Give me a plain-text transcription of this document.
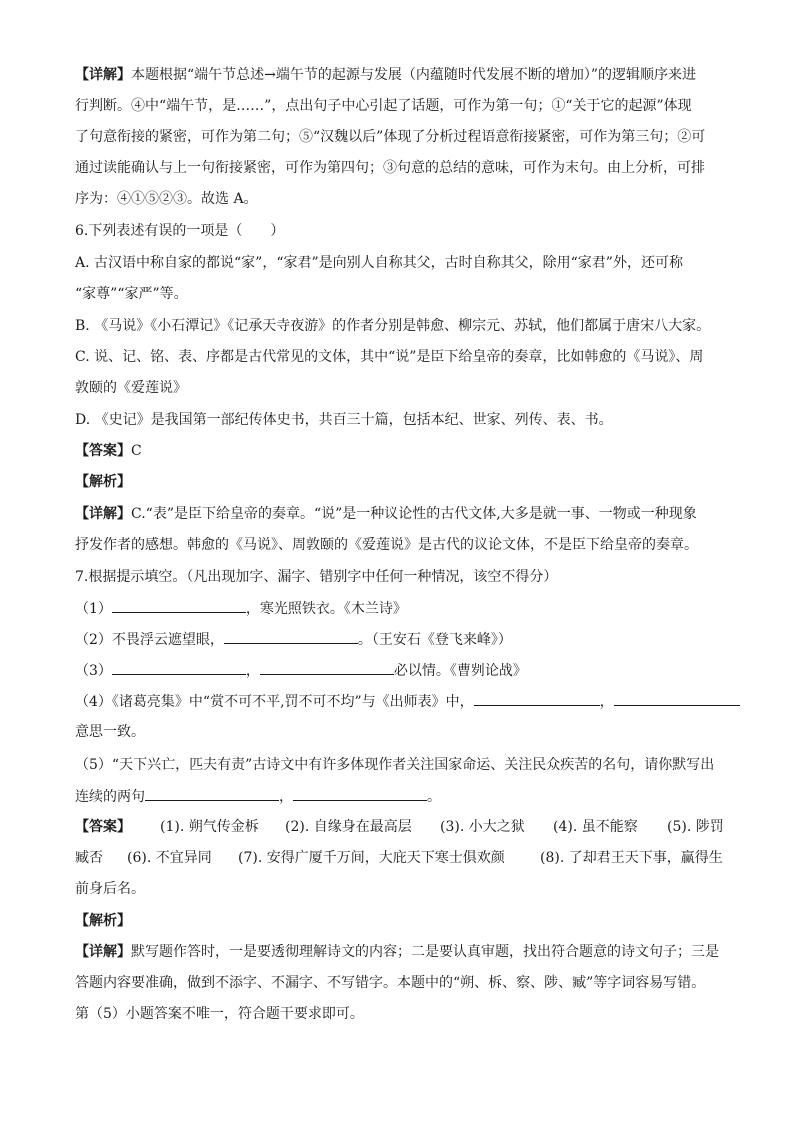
【详解】本题根据“端午节总述→端午节的起源与发展（内蕴随时代发展不断的增加）”的逻辑顺序来进
行判断。④中“端午节，是……”，点出句子中心引起了话题，可作为第一句；①“关于它的起源”体现
了句意衔接的紧密，可作为第二句；⑤“汉魏以后”体现了分析过程语意衔接紧密，可作为第三句；②可
通过读能确认与上一句衔接紧密，可作为第四句；③句意的总结的意味，可作为末句。由上分析，可排
序为：④①⑤②③。故选 A。
6.下列表述有误的一项是（　　）
A. 古汉语中称自家的都说“家”，“家君”是向别人自称其父，古时自称其父，除用“家君”外，还可称
“家尊”“家严”等。
B. 《马说》《小石潭记》《记承天寺夜游》的作者分别是韩愈、柳宗元、苏轼，他们都属于唐宋八大家。
C. 说、记、铭、表、序都是古代常见的文体，其中“说”是臣下给皇帝的奏章，比如韩愈的《马说》、周
敦颐的《爱莲说》
D. 《史记》是我国第一部纪传体史书，共百三十篇，包括本纪、世家、列传、表、书。
【答案】C
【解析】
【详解】C.“表”是臣下给皇帝的奏章。“说”是一种议论性的古代文体,大多是就一事、一物或一种现象
抒发作者的感想。韩愈的《马说》、周敦颐的《爱莲说》是古代的议论文体，不是臣下给皇帝的奏章。
7.根据提示填空。（凡出现加字、漏字、错别字中任何一种情况，该空不得分）
（1）	，寒光照铁衣。《木兰诗》
（2）不畏浮云遮望眼，	。（王安石《登飞来峰》）
（3）	，	必以情。《曹刿论战》
（4）《诸葛亮集》中“赏不可不平,罚不可不均”与《出师表》中，	，
意思一致。
（5）“天下兴亡，匹夫有责”古诗文中有许多体现作者关注国家命运、关注民众疾苦的名句，请你默写出
连续的两句	，	。
【答案】 (1). 朔气传金柝 (2). 自缘身在最高层 (3). 小大之狱 (4). 虽不能察 (5). 陟罚
臧否 (6). 不宜异同 (7). 安得广厦千万间，大庇天下寒士俱欢颜	(8). 了却君王天下事，赢得生
前身后名。
【解析】
【详解】默写题作答时，一是要透彻理解诗文的内容；二是要认真审题，找出符合题意的诗文句子；三是
答题内容要准确，做到不添字、不漏字、不写错字。本题中的“朔、柝、察、陟、臧”等字词容易写错。
第（5）小题答案不唯一，符合题干要求即可。
